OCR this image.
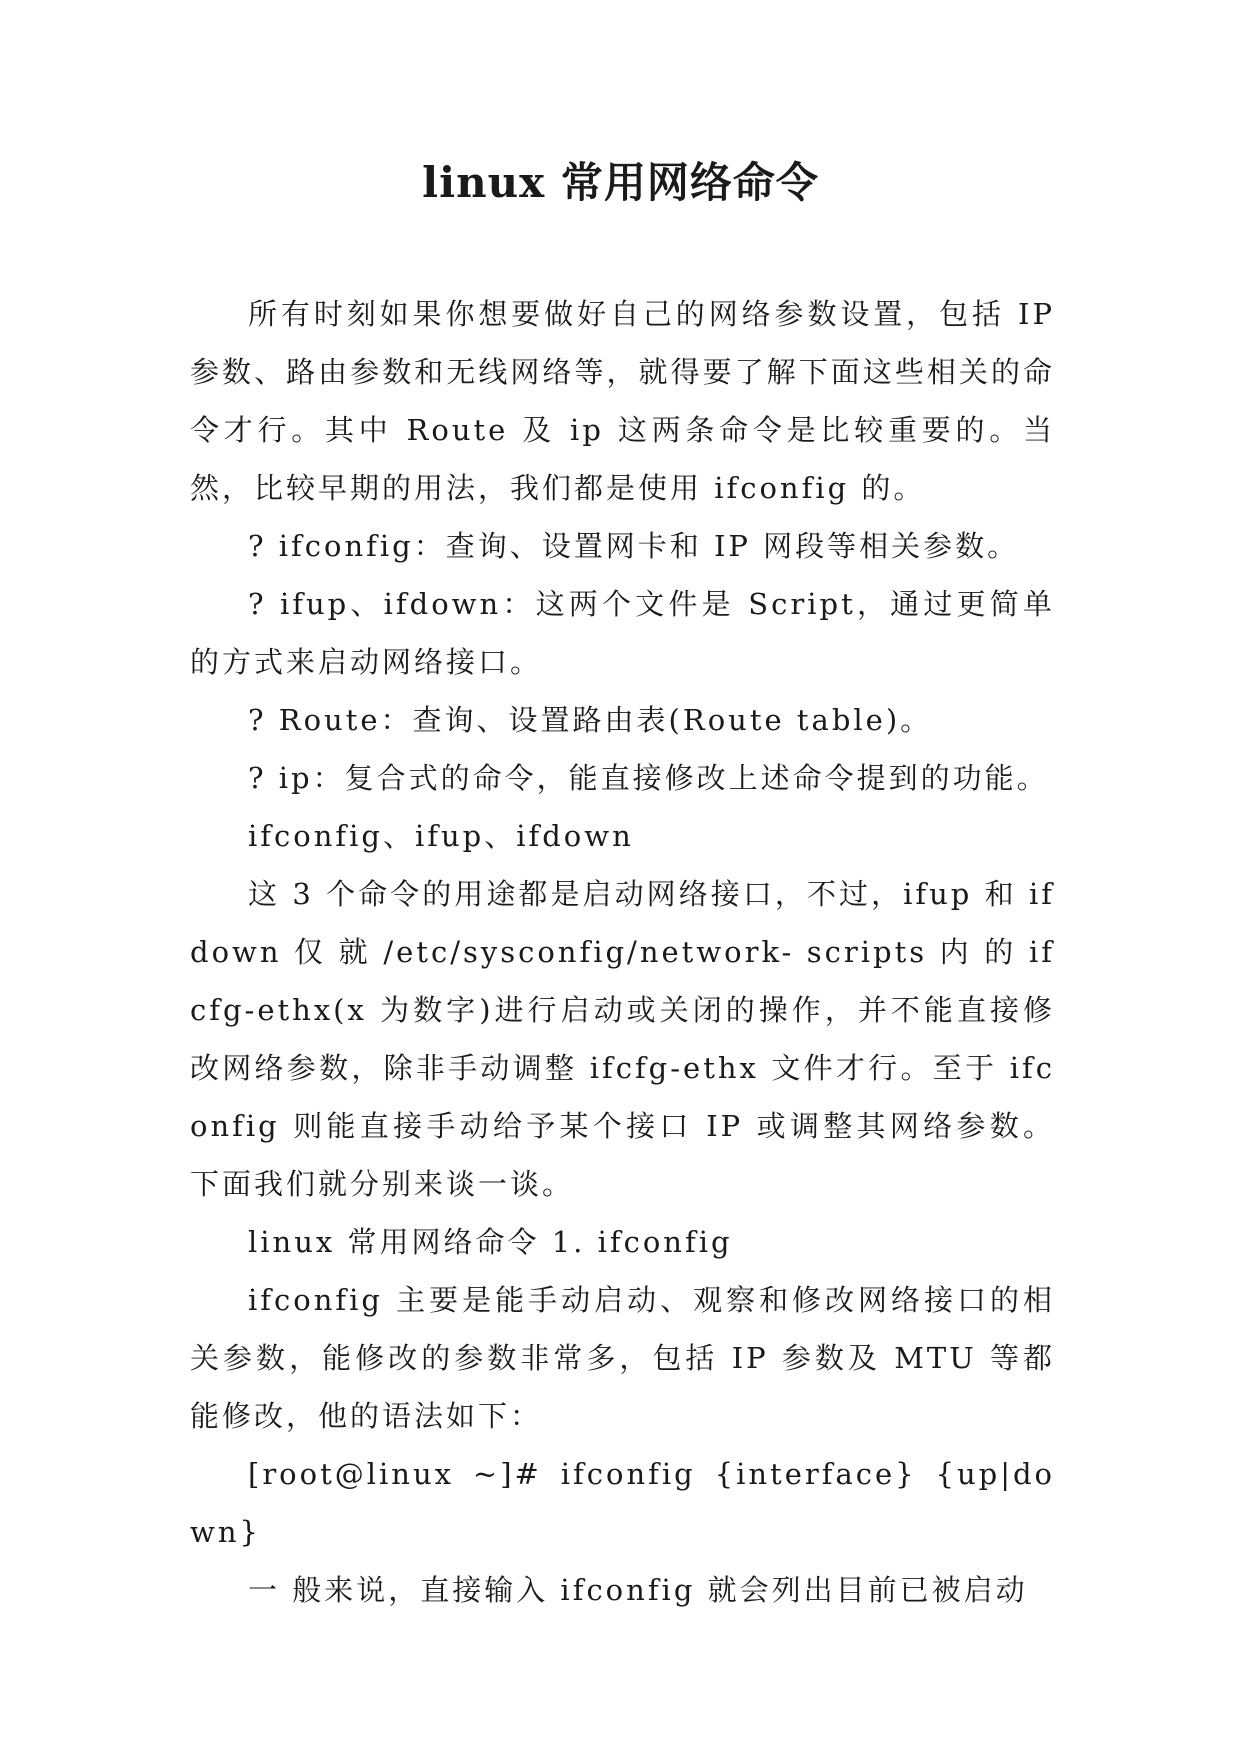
linux 常用网络命令

所有时刻如果你想要做好自己的网络参数设置，包括 IP 参数、路由参数和无线网络等，就得要了解下面这些相关的命令才行。其中 Route 及 ip 这两条命令是比较重要的。当然，比较早期的用法，我们都是使用 ifconfig 的。

? ifconfig：查询、设置网卡和 IP 网段等相关参数。

? ifup、ifdown：这两个文件是 Script，通过更简单的方式来启动网络接口。

? Route：查询、设置路由表(Route table)。

? ip：复合式的命令，能直接修改上述命令提到的功能。

ifconfig、ifup、ifdown

这 3 个命令的用途都是启动网络接口，不过，ifup 和 ifdown 仅 就 /etc/sysconfig/network- scripts 内 的 ifcfg-ethx(x 为数字)进行启动或关闭的操作，并不能直接修改网络参数，除非手动调整 ifcfg-ethx 文件才行。至于 ifconfig 则能直接手动给予某个接口 IP 或调整其网络参数。下面我们就分别来谈一谈。

linux 常用网络命令 1. ifconfig

ifconfig 主要是能手动启动、观察和修改网络接口的相关参数，能修改的参数非常多，包括 IP 参数及 MTU 等都能修改，他的语法如下：

[root@linux ~]# ifconfig {interface} {up|down}

一 般来说，直接输入 ifconfig 就会列出目前已被启动
